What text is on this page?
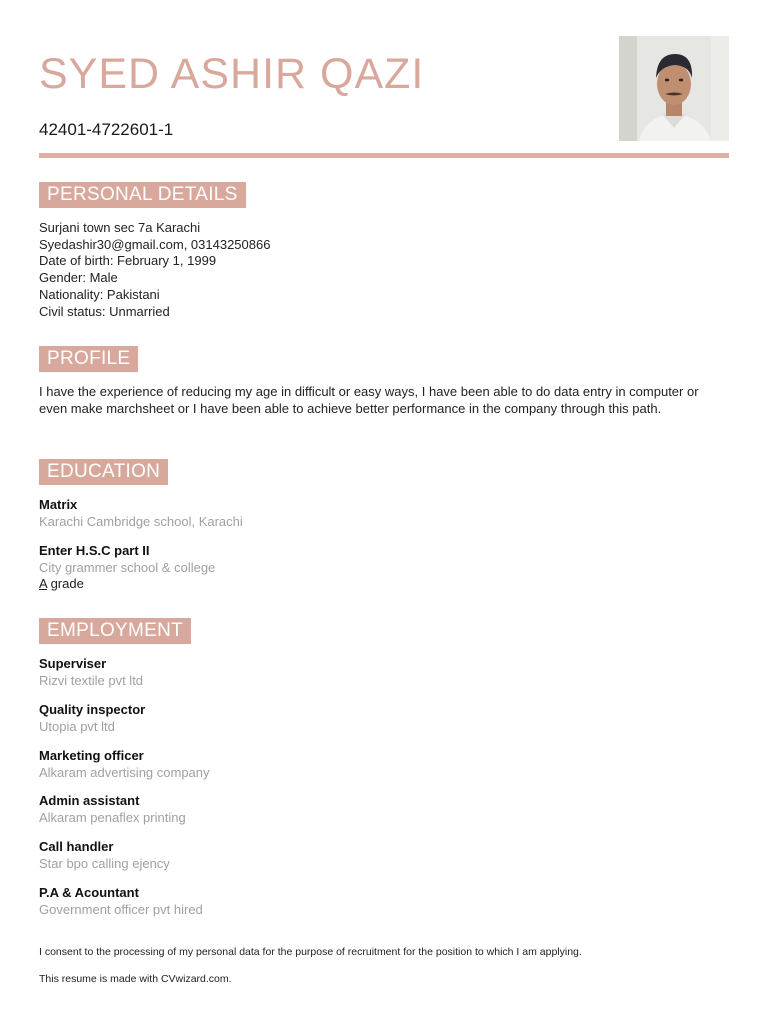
SYED ASHIR QAZI
42401-4722601-1
PERSONAL DETAILS
Surjani town sec 7a Karachi
Syedashir30@gmail.com, 03143250866
Date of birth: February 1, 1999
Gender: Male
Nationality: Pakistani
Civil status: Unmarried
PROFILE
I have the experience of reducing my age in difficult or easy ways, I have been able to do data entry in computer or even make marchsheet or I have been able to achieve better performance in the company through this path.
EDUCATION
Matrix
Karachi Cambridge school, Karachi
Enter H.S.C part II
City grammer school & college
A grade
EMPLOYMENT
Superviser
Rizvi textile pvt ltd
Quality inspector
Utopia pvt ltd
Marketing officer
Alkaram advertising company
Admin assistant
Alkaram penaflex printing
Call handler
Star bpo calling ejency
P.A & Acountant
Government officer pvt hired
I consent to the processing of my personal data for the purpose of recruitment for the position to which I am applying.
This resume is made with CVwizard.com.
